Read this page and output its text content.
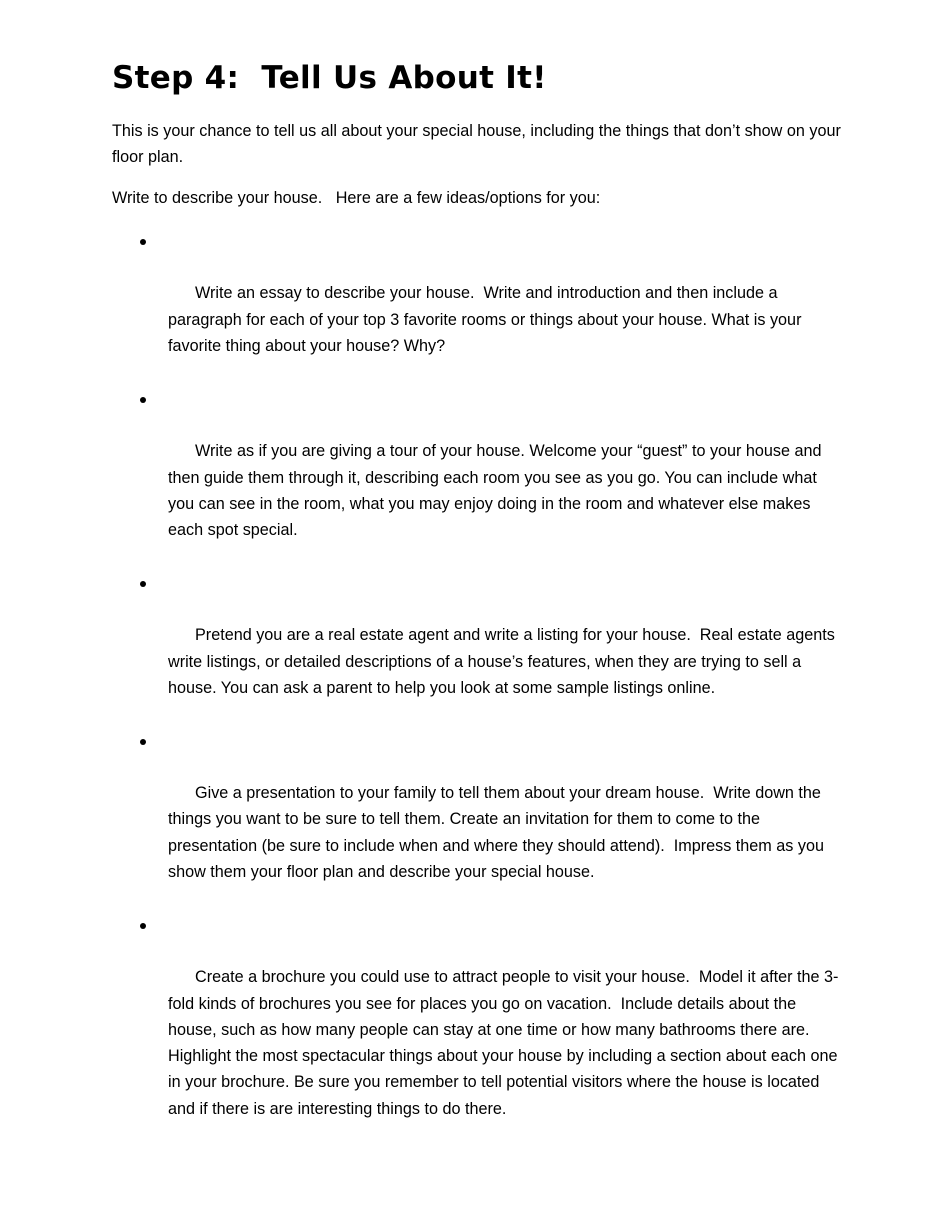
Step 4:  Tell Us About It!

This is your chance to tell us all about your special house, including the things that don’t show on your floor plan.

Write to describe your house.   Here are a few ideas/options for you:

Write an essay to describe your house.  Write and introduction and then include a paragraph for each of your top 3 favorite rooms or things about your house. What is your favorite thing about your house? Why?

Write as if you are giving a tour of your house. Welcome your “guest” to your house and then guide them through it, describing each room you see as you go. You can include what you can see in the room, what you may enjoy doing in the room and whatever else makes each spot special.

Pretend you are a real estate agent and write a listing for your house.  Real estate agents write listings, or detailed descriptions of a house’s features, when they are trying to sell a house. You can ask a parent to help you look at some sample listings online.

Give a presentation to your family to tell them about your dream house.  Write down the things you want to be sure to tell them. Create an invitation for them to come to the presentation (be sure to include when and where they should attend).  Impress them as you show them your floor plan and describe your special house.

Create a brochure you could use to attract people to visit your house.  Model it after the 3-fold kinds of brochures you see for places you go on vacation.  Include details about the house, such as how many people can stay at one time or how many bathrooms there are. Highlight the most spectacular things about your house by including a section about each one in your brochure. Be sure you remember to tell potential visitors where the house is located and if there is are interesting things to do there.
